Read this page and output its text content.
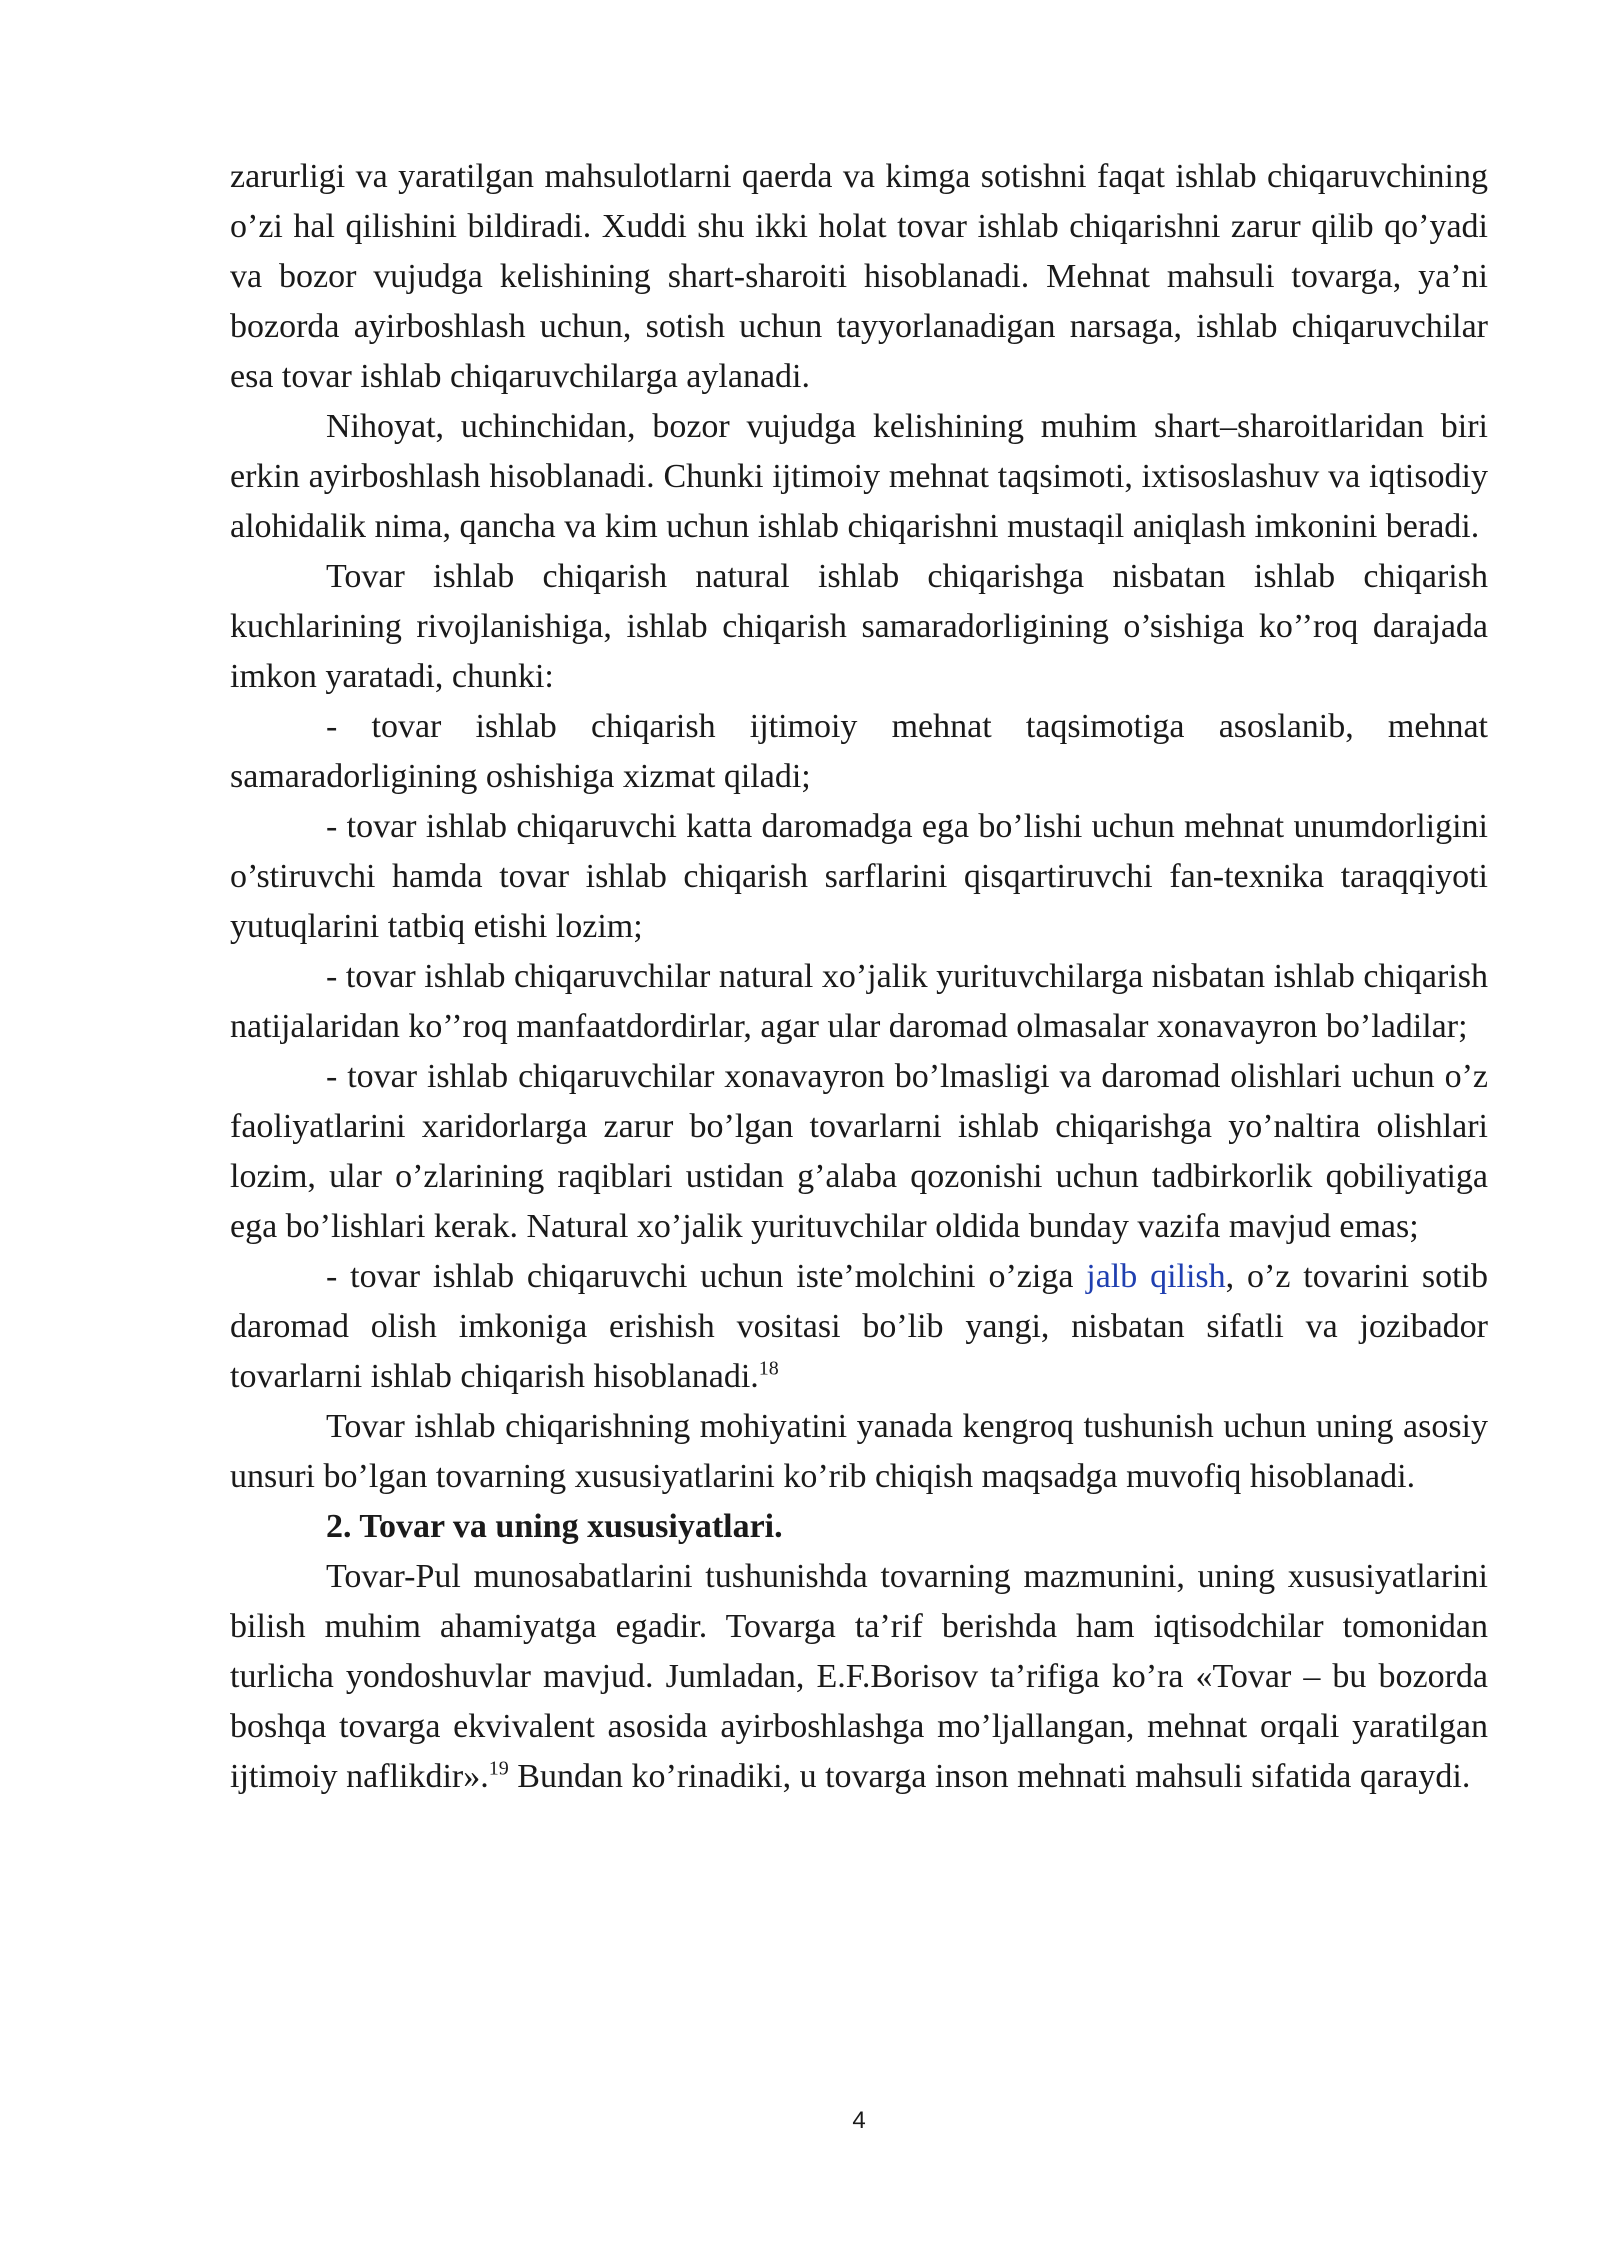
zarurligi va yaratilgan mahsulotlarni qaerda va kimga sotishni faqat ishlab chiqaruvchining o’zi hal qilishini bildiradi. Xuddi shu ikki holat tovar ishlab chiqarishni zarur qilib qo’yadi va bozor vujudga kelishining shart-sharoiti hisoblanadi. Mehnat mahsuli tovarga, ya’ni bozorda ayirboshlash uchun, sotish uchun tayyorlanadigan narsaga, ishlab chiqaruvchilar esa tovar ishlab chiqaruvchilarga aylanadi.

Nihoyat, uchinchidan, bozor vujudga kelishining muhim shart–sharoitlaridan biri erkin ayirboshlash hisoblanadi. Chunki ijtimoiy mehnat taqsimoti, ixtisoslashuv va iqtisodiy alohidalik nima, qancha va kim uchun ishlab chiqarishni mustaqil aniqlash imkonini beradi.

Tovar ishlab chiqarish natural ishlab chiqarishga nisbatan ishlab chiqarish kuchlarining rivojlanishiga, ishlab chiqarish samaradorligining o’sishiga ko’’roq darajada imkon yaratadi, chunki:

- tovar ishlab chiqarish ijtimoiy mehnat taqsimotiga asoslanib, mehnat samaradorligining oshishiga xizmat qiladi;

- tovar ishlab chiqaruvchi katta daromadga ega bo’lishi uchun mehnat unumdorligini o’stiruvchi hamda tovar ishlab chiqarish sarflarini qisqartiruvchi fan-texnika taraqqiyoti yutuqlarini tatbiq etishi lozim;

- tovar ishlab chiqaruvchilar natural xo’jalik yurituvchilarga nisbatan ishlab chiqarish natijalaridan ko’’roq manfaatdordirlar, agar ular daromad olmasalar xonavayron bo’ladilar;

- tovar ishlab chiqaruvchilar xonavayron bo’lmasligi va daromad olishlari uchun o’z faoliyatlarini xaridorlarga zarur bo’lgan tovarlarni ishlab chiqarishga yo’naltira olishlari lozim, ular o’zlarining raqiblari ustidan g’alaba qozonishi uchun tadbirkorlik qobiliyatiga ega bo’lishlari kerak. Natural xo’jalik yurituvchilar oldida bunday vazifa mavjud emas;

- tovar ishlab chiqaruvchi uchun iste’molchini o’ziga jalb qilish, o’z tovarini sotib daromad olish imkoniga erishish vositasi bo’lib yangi, nisbatan sifatli va jozibador tovarlarni ishlab chiqarish hisoblanadi.$^{18}$

Tovar ishlab chiqarishning mohiyatini yanada kengroq tushunish uchun uning asosiy unsuri bo’lgan tovarning xususiyatlarini ko’rib chiqish maqsadga muvofiq hisoblanadi.

2. Tovar va uning xususiyatlari.

Tovar-Pul munosabatlarini tushunishda tovarning mazmunini, uning xususiyatlarini bilish muhim ahamiyatga egadir. Tovarga ta’rif berishda ham iqtisodchilar tomonidan turlicha yondoshuvlar mavjud. Jumladan, E.F.Borisov ta’rifiga ko’ra «Tovar – bu bozorda boshqa tovarga ekvivalent asosida ayirboshlashga mo’ljallangan, mehnat orqali yaratilgan ijtimoiy naflikdir».$^{19}$ Bundan ko’rinadiki, u tovarga inson mehnati mahsuli sifatida qaraydi.

4
